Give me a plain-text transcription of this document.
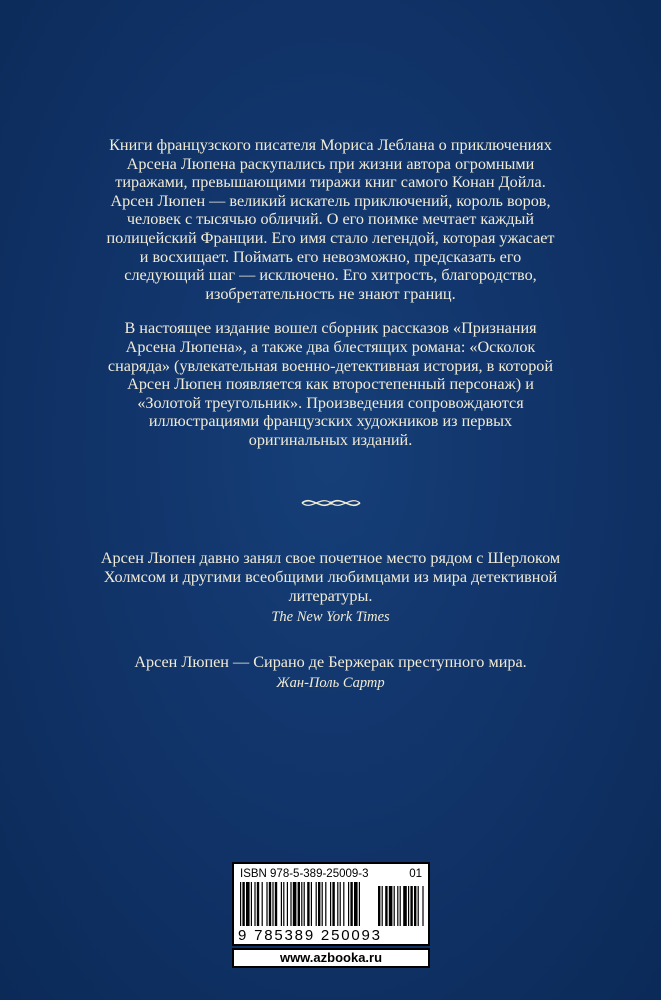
Книги французского писателя Мориса Леблана о приключениях Арсена Люпена раскупались при жизни автора огромными тиражами, превышающими тиражи книг самого Конан Дойла. Арсен Люпен — великий искатель приключений, король воров, человек с тысячью обличий. О его поимке мечтает каждый полицейский Франции. Его имя стало легендой, которая ужасает и восхищает. Поймать его невозможно, предсказать его следующий шаг — исключено. Его хитрость, благородство, изобретательность не знают границ.

В настоящее издание вошел сборник рассказов «Признания Арсена Люпена», а также два блестящих романа: «Осколок снаряда» (увлекательная военно-детективная история, в которой Арсен Люпен появляется как второстепенный персонаж) и «Золотой треугольник». Произведения сопровождаются иллюстрациями французских художников из первых оригинальных изданий.

Арсен Люпен давно занял свое почетное место рядом с Шерлоком Холмсом и другими всеобщими любимцами из мира детективной литературы.
The New York Times
Арсен Люпен — Сирано де Бержерак преступного мира.
Жан-Поль Сартр
ISBN 978-5-389-25009-3	01
9 785389 250093
www.azbooka.ru
